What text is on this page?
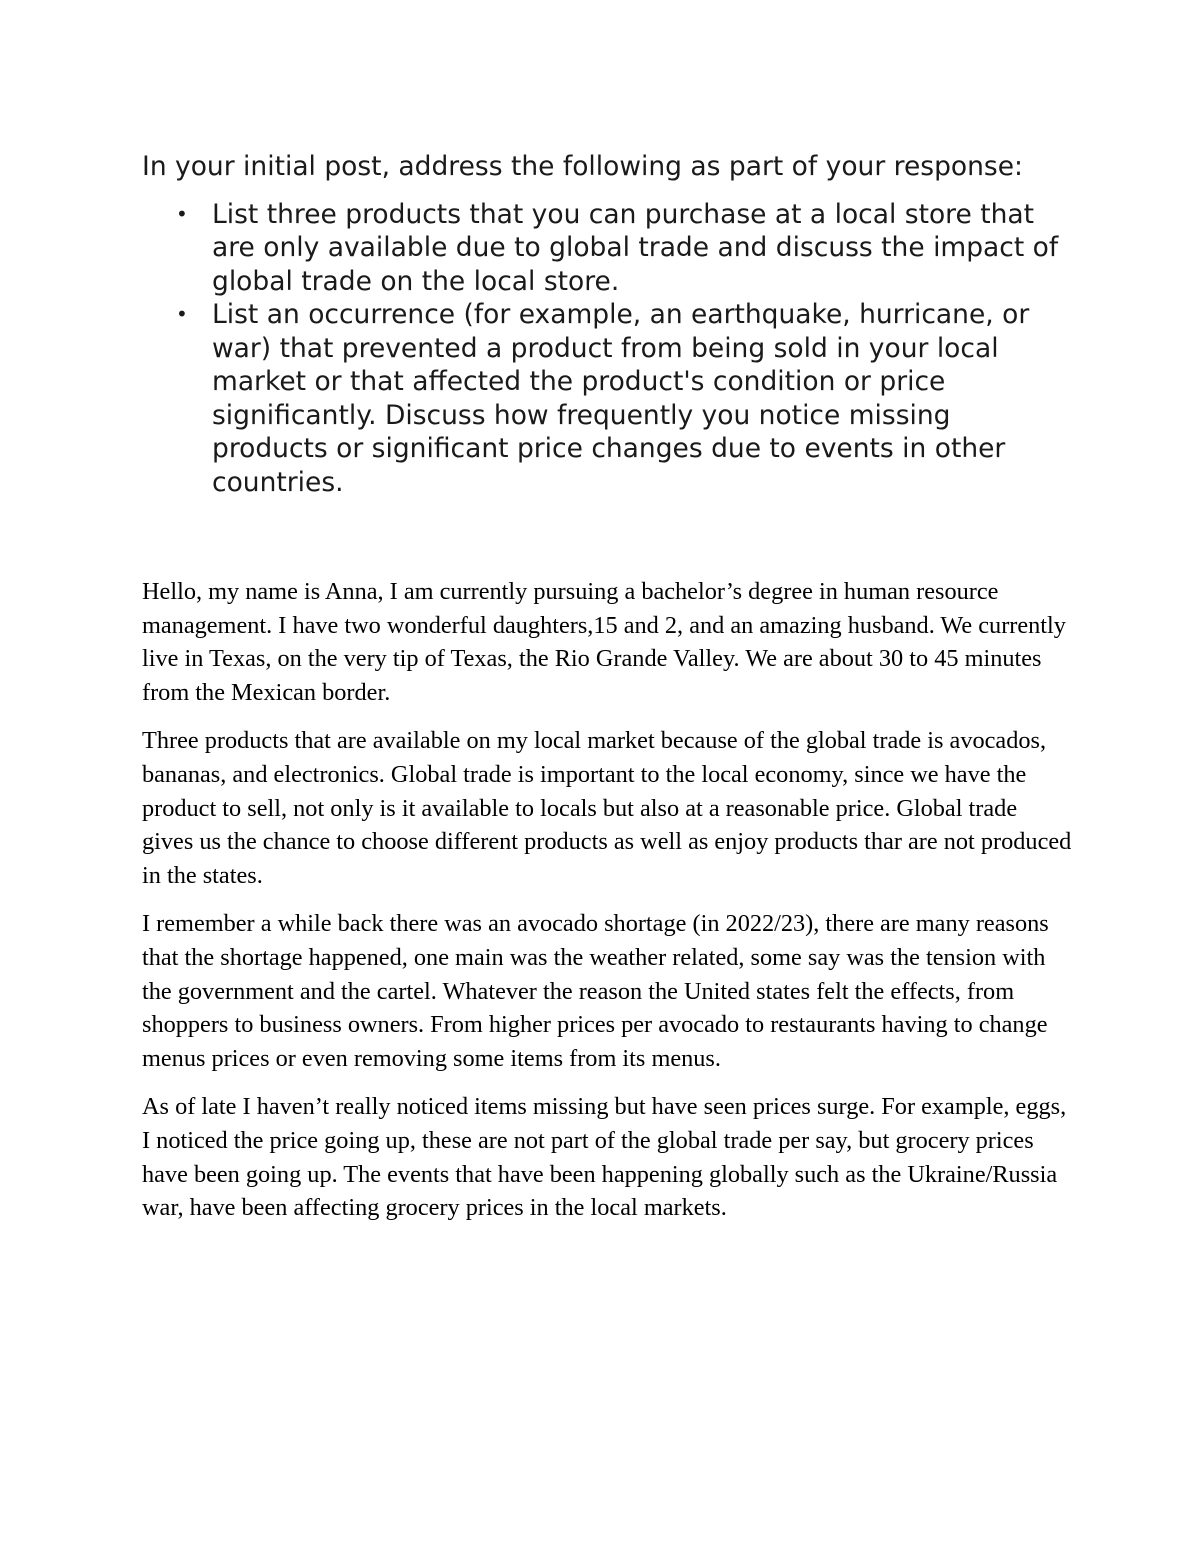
In your initial post, address the following as part of your response:

• List three products that you can purchase at a local store that are only available due to global trade and discuss the impact of global trade on the local store.
• List an occurrence (for example, an earthquake, hurricane, or war) that prevented a product from being sold in your local market or that affected the product's condition or price significantly. Discuss how frequently you notice missing products or significant price changes due to events in other countries.

Hello, my name is Anna, I am currently pursuing a bachelor’s degree in human resource management. I have two wonderful daughters,15 and 2, and an amazing husband. We currently live in Texas, on the very tip of Texas, the Rio Grande Valley. We are about 30 to 45 minutes from the Mexican border.

Three products that are available on my local market because of the global trade is avocados, bananas, and electronics. Global trade is important to the local economy, since we have the product to sell, not only is it available to locals but also at a reasonable price. Global trade gives us the chance to choose different products as well as enjoy products thar are not produced in the states.

I remember a while back there was an avocado shortage (in 2022/23), there are many reasons that the shortage happened, one main was the weather related, some say was the tension with the government and the cartel. Whatever the reason the United states felt the effects, from shoppers to business owners. From higher prices per avocado to restaurants having to change menus prices or even removing some items from its menus.

As of late I haven’t really noticed items missing but have seen prices surge. For example, eggs, I noticed the price going up, these are not part of the global trade per say, but grocery prices have been going up. The events that have been happening globally such as the Ukraine/Russia war, have been affecting grocery prices in the local markets.
